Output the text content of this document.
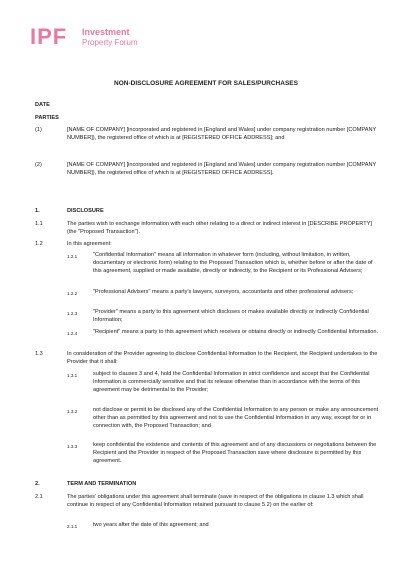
IPF Investment
Property Forum
NON-DISCLOSURE AGREEMENT FOR SALES/PURCHASES
DATE
PARTIES
(1)	[NAME OF COMPANY] [incorporated and registered in [England and Wales] under company registration number [COMPANY NUMBER]), the registered office of which is at [REGISTERED OFFICE ADDRESS]; and
(2)	[NAME OF COMPANY] [incorporated and registered in [England and Wales] under company registration number [COMPANY NUMBER]), the registered office of which is at [REGISTERED OFFICE ADDRESS].
1.	DISCLOSURE
1.1	The parties wish to exchange information with each other relating to a direct or indirect interest in [DESCRIBE PROPERTY] (the "Proposed Transaction").
1.2	In this agreement:
1.2.1	"Confidential Information" means all information in whatever form (including, without limitation, in written, documentary or electronic form) relating to the Proposed Transaction which is, whether before or after the date of this agreement, supplied or made available, directly or indirectly, to the Recipient or its Professional Advisers;
1.2.2	"Professional Advisers" means a party's lawyers, surveyors, accountants and other professional advisers;
1.2.3	"Provider" means a party to this agreement which discloses or makes available directly or indirectly Confidential Information;
1.2.4	"Recipient" means a party to this agreement which receives or obtains directly or indirectly Confidential Information.
1.3	In consideration of the Provider agreeing to disclose Confidential Information to the Recipient, the Recipient undertakes to the Provider that it shall:
1.3.1	subject to clauses 3 and 4, hold the Confidential Information in strict confidence and accept that the Confidential Information is commercially sensitive and that its release otherwise than in accordance with the terms of this agreement may be detrimental to the Provider;
1.3.2	not disclose or permit to be disclosed any of the Confidential Information to any person or make any announcement other than as permitted by this agreement and not to use the Confidential Information in any way, except for or in connection with, the Proposed Transaction; and
1.3.3	keep confidential the existence and contents of this agreement and of any discussions or negotiations between the Recipient and the Provider in respect of the Proposed Transaction save where disclosure is permitted by this agreement.
2.	TERM AND TERMINATION
2.1	The parties' obligations under this agreement shall terminate (save in respect of the obligations in clause 1.3 which shall continue in respect of any Confidential Information retained pursuant to clause 5.2) on the earlier of:
2.1.1	two years after the date of this agreement; and
